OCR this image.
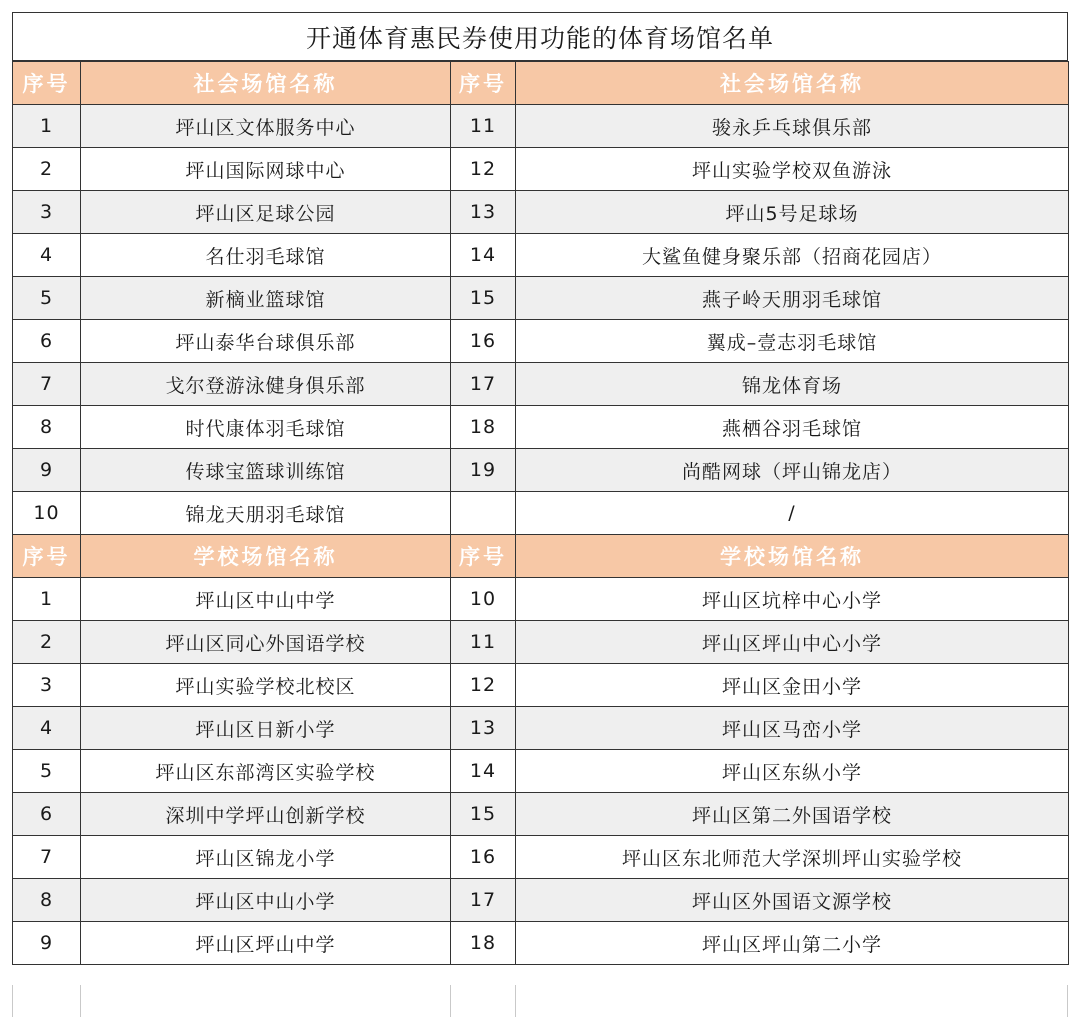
开通体育惠民券使用功能的体育场馆名单
序号	社会场馆名称	序号	社会场馆名称
1	坪山区文体服务中心	11	骏永乒乓球俱乐部
2	坪山国际网球中心	12	坪山实验学校双鱼游泳
3	坪山区足球公园	13	坪山5号足球场
4	名仕羽毛球馆	14	大鲨鱼健身聚乐部（招商花园店）
5	新樀业篮球馆	15	燕子岭天朋羽毛球馆
6	坪山泰华台球俱乐部	16	翼成–壹志羽毛球馆
7	戈尔登游泳健身俱乐部	17	锦龙体育场
8	时代康体羽毛球馆	18	燕栖谷羽毛球馆
9	传球宝篮球训练馆	19	尚酷网球（坪山锦龙店）
10	锦龙天朋羽毛球馆		/
序号	学校场馆名称	序号	学校场馆名称
1	坪山区中山中学	10	坪山区坑梓中心小学
2	坪山区同心外国语学校	11	坪山区坪山中心小学
3	坪山实验学校北校区	12	坪山区金田小学
4	坪山区日新小学	13	坪山区马峦小学
5	坪山区东部湾区实验学校	14	坪山区东纵小学
6	深圳中学坪山创新学校	15	坪山区第二外国语学校
7	坪山区锦龙小学	16	坪山区东北师范大学深圳坪山实验学校
8	坪山区中山小学	17	坪山区外国语文源学校
9	坪山区坪山中学	18	坪山区坪山第二小学
